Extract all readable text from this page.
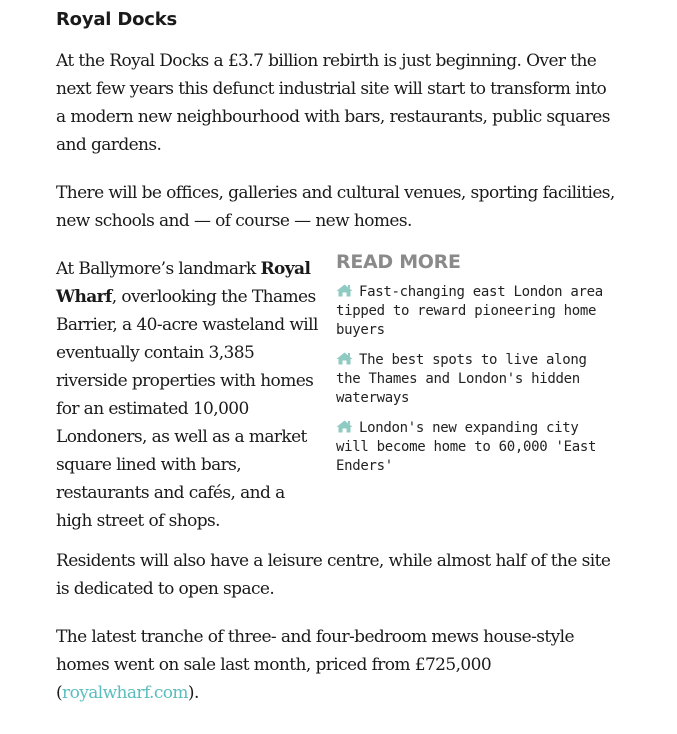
Royal Docks

At the Royal Docks a £3.7 billion rebirth is just beginning. Over the next few years this defunct industrial site will start to transform into a modern new neighbourhood with bars, restaurants, public squares and gardens.

There will be offices, galleries and cultural venues, sporting facilities, new schools and — of course — new homes.

At Ballymore’s landmark Royal Wharf, overlooking the Thames Barrier, a 40-acre wasteland will eventually contain 3,385 riverside properties with homes for an estimated 10,000 Londoners, as well as a market square lined with bars, restaurants and cafés, and a high street of shops.

READ MORE
Fast-changing east London area tipped to reward pioneering home buyers
The best spots to live along the Thames and London's hidden waterways
London's new expanding city will become home to 60,000 'East Enders'

Residents will also have a leisure centre, while almost half of the site is dedicated to open space.

The latest tranche of three- and four-bedroom mews house-style homes went on sale last month, priced from £725,000 (royalwharf.com).
